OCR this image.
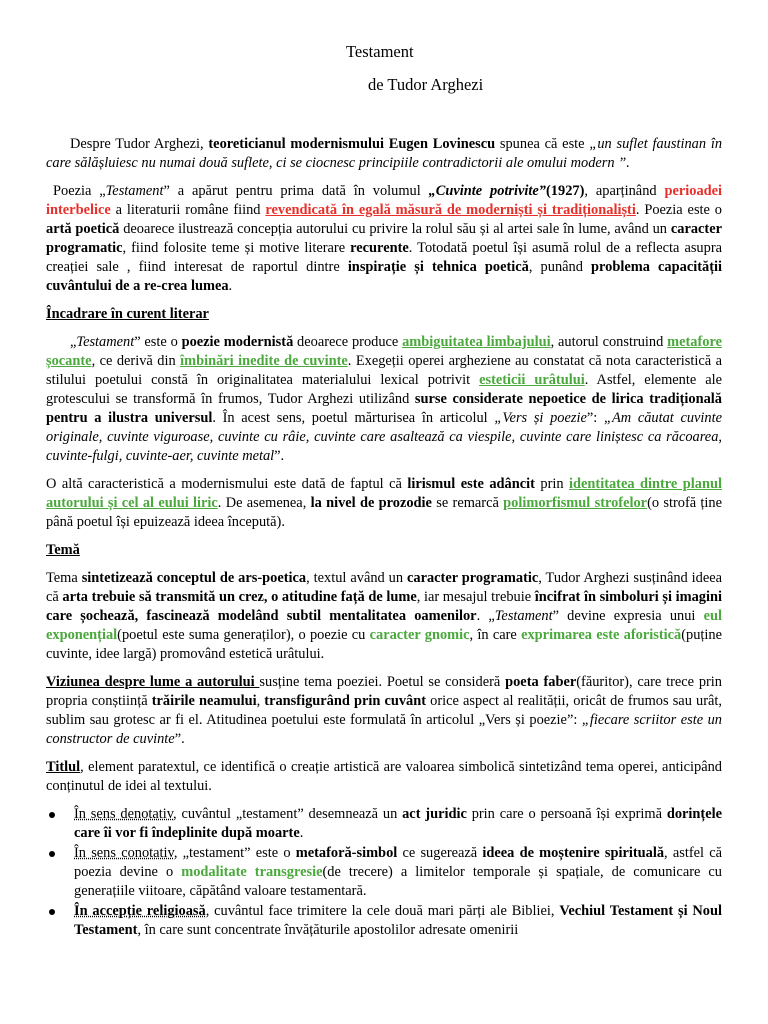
Testament
de Tudor Arghezi

Despre Tudor Arghezi, teoreticianul modernismului Eugen Lovinescu spunea că este „un suflet faustinan în care sălășluiesc nu numai două suflete, ci se ciocnesc principiile contradictorii ale omului modern ”.

Poezia „Testament” a apărut pentru prima dată în volumul „Cuvinte potrivite”(1927), aparținând perioadei interbelice a literaturii române fiind revendicată în egală măsură de moderniști și tradiționaliști. Poezia este o artă poetică deoarece ilustrează concepția autorului cu privire la rolul său și al artei sale în lume, având un caracter programatic, fiind folosite teme și motive literare recurente. Totodată poetul își asumă rolul de a reflecta asupra creației sale , fiind interesat de raportul dintre inspirație și tehnica poetică, punând problema capacității cuvântului de a re-crea lumea.

Încadrare în curent literar

„Testament” este o poezie modernistă deoarece produce ambiguitatea limbajului, autorul construind metafore șocante, ce derivă din îmbinări inedite de cuvinte. Exegeții operei argheziene au constatat că nota caracteristică a stilului poetului constă în originalitatea materialului lexical potrivit esteticii urâtului. Astfel, elemente ale grotescului se transformă în frumos, Tudor Arghezi utilizând surse considerate nepoetice de lirica tradițională pentru a ilustra universul. În acest sens, poetul mărturisea în articolul „Vers și poezie”: „Am căutat cuvinte originale, cuvinte viguroase, cuvinte cu râie, cuvinte care asaltează ca viespile, cuvinte care liniștesc ca răcoarea, cuvinte-fulgi, cuvinte-aer, cuvinte metal”.

O altă caracteristică a modernismului este dată de faptul că lirismul este adâncit prin identitatea dintre planul autorului și cel al eului liric. De asemenea, la nivel de prozodie se remarcă polimorfismul strofelor(o strofă ține până poetul își epuizează ideea începută).

Temă

Tema sintetizează conceptul de ars-poetica, textul având un caracter programatic, Tudor Arghezi susținând ideea că arta trebuie să transmită un crez, o atitudine față de lume, iar mesajul trebuie încifrat în simboluri și imagini care șochează, fascinează modelând subtil mentalitatea oamenilor. „Testament” devine expresia unui eul exponențial(poetul este suma generaților), o poezie cu caracter gnomic, în care exprimarea este aforistică(puține cuvinte, idee largă) promovând estetică urâtului.

Viziunea despre lume a autorului susține tema poeziei. Poetul se consideră poeta faber(făuritor), care trece prin propria conștiință trăirile neamului, transfigurând prin cuvânt orice aspect al realității, oricât de frumos sau urât, sublim sau grotesc ar fi el. Atitudinea poetului este formulată în articolul „Vers și poezie”: „fiecare scriitor este un constructor de cuvinte”.

Titlul, element paratextul, ce identifică o creație artistică are valoarea simbolică sintetizând tema operei, anticipând conținutul de idei al textului.

În sens denotativ, cuvântul „testament” desemnează un act juridic prin care o persoană își exprimă dorințele care îi vor fi îndeplinite după moarte.
În sens conotativ, „testament” este o metaforă-simbol ce sugerează ideea de moștenire spirituală, astfel că poezia devine o modalitate transgresie(de trecere) a limitelor temporale și spațiale, de comunicare cu generațiile viitoare, căpătând valoare testamentară.
În accepție religioasă, cuvântul face trimitere la cele două mari părți ale Bibliei, Vechiul Testament și Noul Testament, în care sunt concentrate învățăturile apostolilor adresate omenirii
